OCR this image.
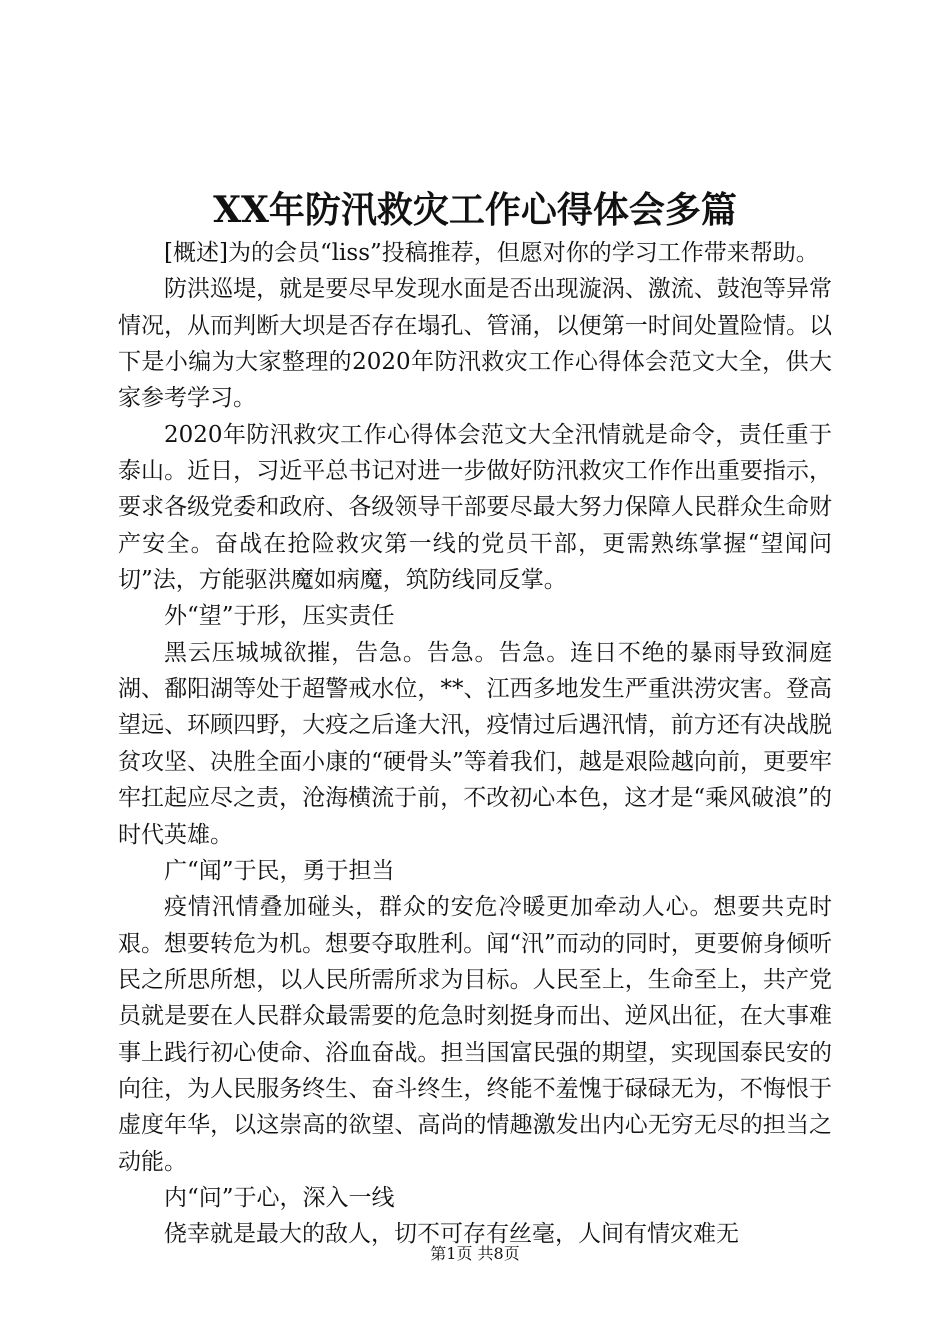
XX年防汛救灾工作心得体会多篇

[概述]为的会员“liss”投稿推荐，但愿对你的学习工作带来帮助。

防洪巡堤，就是要尽早发现水面是否出现漩涡、激流、鼓泡等异常情况，从而判断大坝是否存在塌孔、管涌，以便第一时间处置险情。以下是小编为大家整理的2020年防汛救灾工作心得体会范文大全，供大家参考学习。

2020年防汛救灾工作心得体会范文大全汛情就是命令，责任重于泰山。近日，习近平总书记对进一步做好防汛救灾工作作出重要指示，要求各级党委和政府、各级领导干部要尽最大努力保障人民群众生命财产安全。奋战在抢险救灾第一线的党员干部，更需熟练掌握“望闻问切”法，方能驱洪魔如病魔，筑防线同反掌。

外“望”于形，压实责任

黑云压城城欲摧，告急。告急。告急。连日不绝的暴雨导致洞庭湖、鄱阳湖等处于超警戒水位，**、江西多地发生严重洪涝灾害。登高望远、环顾四野，大疫之后逢大汛，疫情过后遇汛情，前方还有决战脱贫攻坚、决胜全面小康的“硬骨头”等着我们，越是艰险越向前，更要牢牢扛起应尽之责，沧海横流于前，不改初心本色，这才是“乘风破浪”的时代英雄。

广“闻”于民，勇于担当

疫情汛情叠加碰头，群众的安危冷暖更加牵动人心。想要共克时艰。想要转危为机。想要夺取胜利。闻“汛”而动的同时，更要俯身倾听民之所思所想，以人民所需所求为目标。人民至上，生命至上，共产党员就是要在人民群众最需要的危急时刻挺身而出、逆风出征，在大事难事上践行初心使命、浴血奋战。担当国富民强的期望，实现国泰民安的向往，为人民服务终生、奋斗终生，终能不羞愧于碌碌无为，不悔恨于虚度年华，以这崇高的欲望、高尚的情趣激发出内心无穷无尽的担当之动能。

内“问”于心，深入一线

侥幸就是最大的敌人，切不可存有丝毫，人间有情灾难无

第1页 共8页
